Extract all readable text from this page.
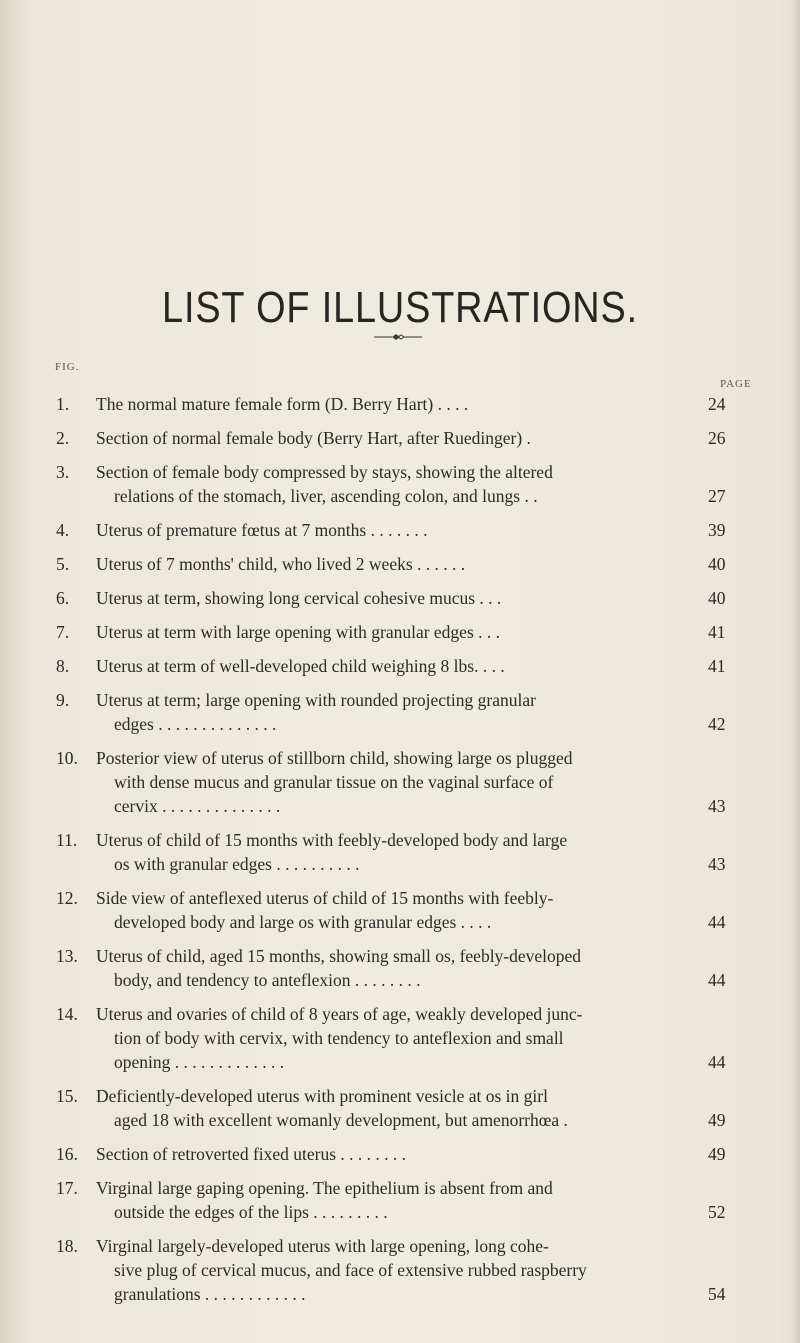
LIST OF ILLUSTRATIONS.
FIG.
PAGE
1.	The normal mature female form (D. Berry Hart) . . . .	24
2.	Section of normal female body (Berry Hart, after Ruedinger) .	26
3.	Section of female body compressed by stays, showing the altered
relations of the stomach, liver, ascending colon, and lungs . .	27
4.	Uterus of premature fœtus at 7 months . . . . . . .	39
5.	Uterus of 7 months' child, who lived 2 weeks . . . . . .	40
6.	Uterus at term, showing long cervical cohesive mucus . . .	40
7.	Uterus at term with large opening with granular edges . . .	41
8.	Uterus at term of well-developed child weighing 8 lbs. . . .	41
9.	Uterus at term; large opening with rounded projecting granular
edges . . . . . . . . . . . . . .	42
10. Posterior view of uterus of stillborn child, showing large os plugged
with dense mucus and granular tissue on the vaginal surface of
cervix . . . . . . . . . . . . . .	43
11. Uterus of child of 15 months with feebly-developed body and large
os with granular edges . . . . . . . . . .	43
12. Side view of anteflexed uterus of child of 15 months with feebly-
developed body and large os with granular edges . . . .	44
13. Uterus of child, aged 15 months, showing small os, feebly-developed
body, and tendency to anteflexion . . . . . . . .	44
14. Uterus and ovaries of child of 8 years of age, weakly developed junc-
tion of body with cervix, with tendency to anteflexion and small
opening . . . . . . . . . . . . .	44
15. Deficiently-developed uterus with prominent vesicle at os in girl
aged 18 with excellent womanly development, but amenorrhœa .	49
16. Section of retroverted fixed uterus . . . . . . . .	49
17. Virginal large gaping opening. The epithelium is absent from and
outside the edges of the lips . . . . . . . . .	52
18. Virginal largely-developed uterus with large opening, long cohe-
sive plug of cervical mucus, and face of extensive rubbed raspberry
granulations . . . . . . . . . . . .	54
